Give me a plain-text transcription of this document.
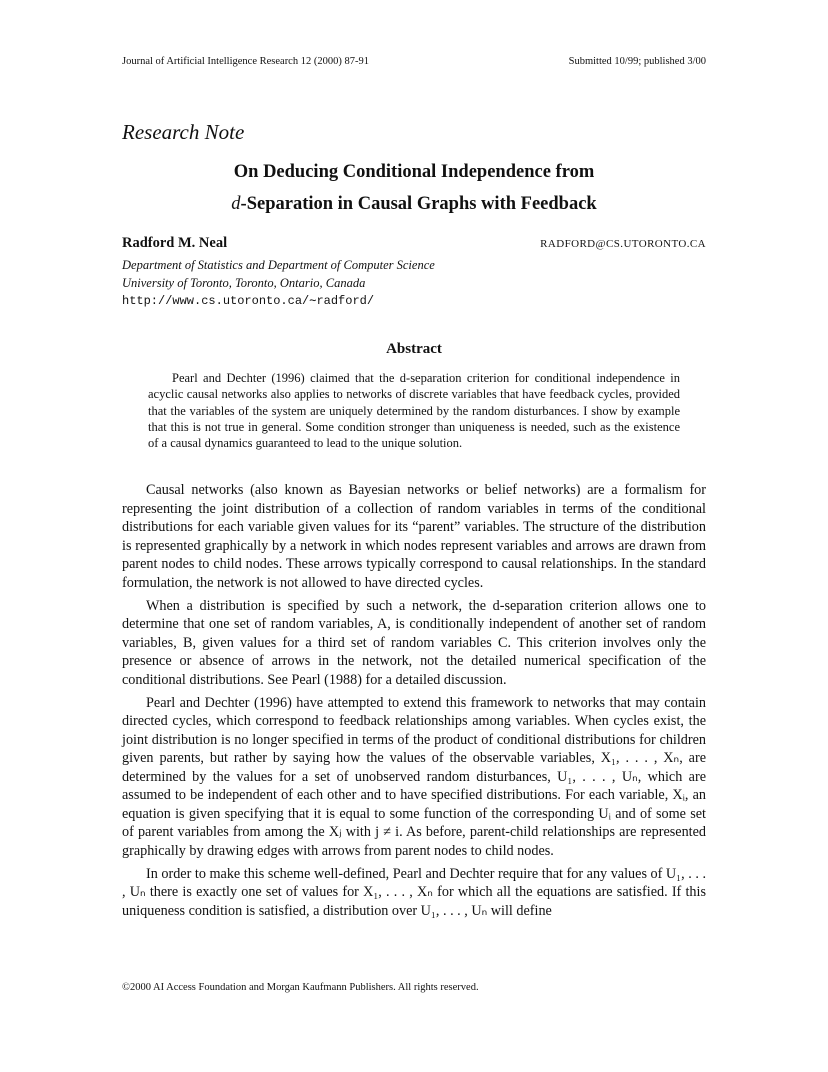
Journal of Artificial Intelligence Research 12 (2000) 87-91	Submitted 10/99; published 3/00
Research Note
On Deducing Conditional Independence from
d-Separation in Causal Graphs with Feedback
Radford M. Neal	RADFORD@CS.UTORONTO.CA
Department of Statistics and Department of Computer Science
University of Toronto, Toronto, Ontario, Canada
http://www.cs.utoronto.ca/∼radford/
Abstract
Pearl and Dechter (1996) claimed that the d-separation criterion for conditional independence in acyclic causal networks also applies to networks of discrete variables that have feedback cycles, provided that the variables of the system are uniquely determined by the random disturbances. I show by example that this is not true in general. Some condition stronger than uniqueness is needed, such as the existence of a causal dynamics guaranteed to lead to the unique solution.

Causal networks (also known as Bayesian networks or belief networks) are a formalism for representing the joint distribution of a collection of random variables in terms of the conditional distributions for each variable given values for its “parent” variables. The structure of the distribution is represented graphically by a network in which nodes represent variables and arrows are drawn from parent nodes to child nodes. These arrows typically correspond to causal relationships. In the standard formulation, the network is not allowed to have directed cycles.

When a distribution is specified by such a network, the d-separation criterion allows one to determine that one set of random variables, A, is conditionally independent of another set of random variables, B, given values for a third set of random variables C. This criterion involves only the presence or absence of arrows in the network, not the detailed numerical specification of the conditional distributions. See Pearl (1988) for a detailed discussion.

Pearl and Dechter (1996) have attempted to extend this framework to networks that may contain directed cycles, which correspond to feedback relationships among variables. When cycles exist, the joint distribution is no longer specified in terms of the product of conditional distributions for children given parents, but rather by saying how the values of the observable variables, X₁, . . . , Xₙ, are determined by the values for a set of unobserved random disturbances, U₁, . . . , Uₙ, which are assumed to be independent of each other and to have specified distributions. For each variable, Xᵢ, an equation is given specifying that it is equal to some function of the corresponding Uᵢ and of some set of parent variables from among the Xⱼ with j ≠ i. As before, parent-child relationships are represented graphically by drawing edges with arrows from parent nodes to child nodes.

In order to make this scheme well-defined, Pearl and Dechter require that for any values of U₁, . . . , Uₙ there is exactly one set of values for X₁, . . . , Xₙ for which all the equations are satisfied. If this uniqueness condition is satisfied, a distribution over U₁, . . . , Uₙ will define

©2000 AI Access Foundation and Morgan Kaufmann Publishers. All rights reserved.
